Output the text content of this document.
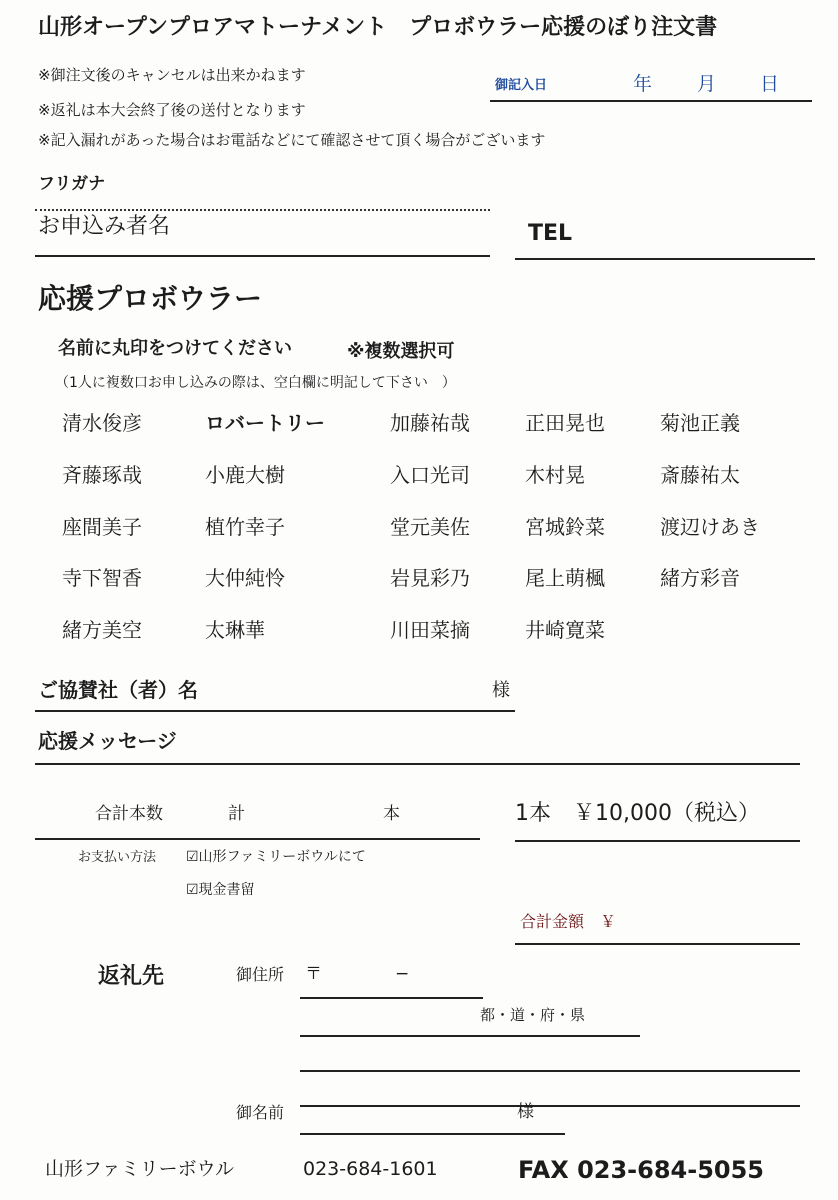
山形オープンプロアマトーナメント　プロボウラー応援のぼり注文書
※御注文後のキャンセルは出来かねます
※返礼は本大会終了後の送付となります
※記入漏れがあった場合はお電話などにて確認させて頂く場合がございます
御記入日	年 月 日
フリガナ
お申込み者名	TEL
応援プロボウラー
名前に丸印をつけてください	※複数選択可
（1人に複数口お申し込みの際は、空白欄に明記して下さい　）
清水俊彦	ロバートリー	加藤祐哉	正田晃也	菊池正義
斉藤琢哉	小鹿大樹	入口光司	木村晃	斎藤祐太
座間美子	植竹幸子	堂元美佐	宮城鈴菜	渡辺けあき
寺下智香	大仲純怜	岩見彩乃	尾上萌楓	緒方彩音
緒方美空	太琳華	川田菜摘	井崎寛菜
ご協賛社（者）名	様
応援メッセージ
合計本数	計	本	1本　￥10,000（税込）
お支払い方法 ☑山形ファミリーボウルにて
☑現金書留
合計金額　￥
返礼先	御住所 〒	−
都・道・府・県
御名前	様
山形ファミリーボウル	023-684-1601	FAX 023-684-5055
